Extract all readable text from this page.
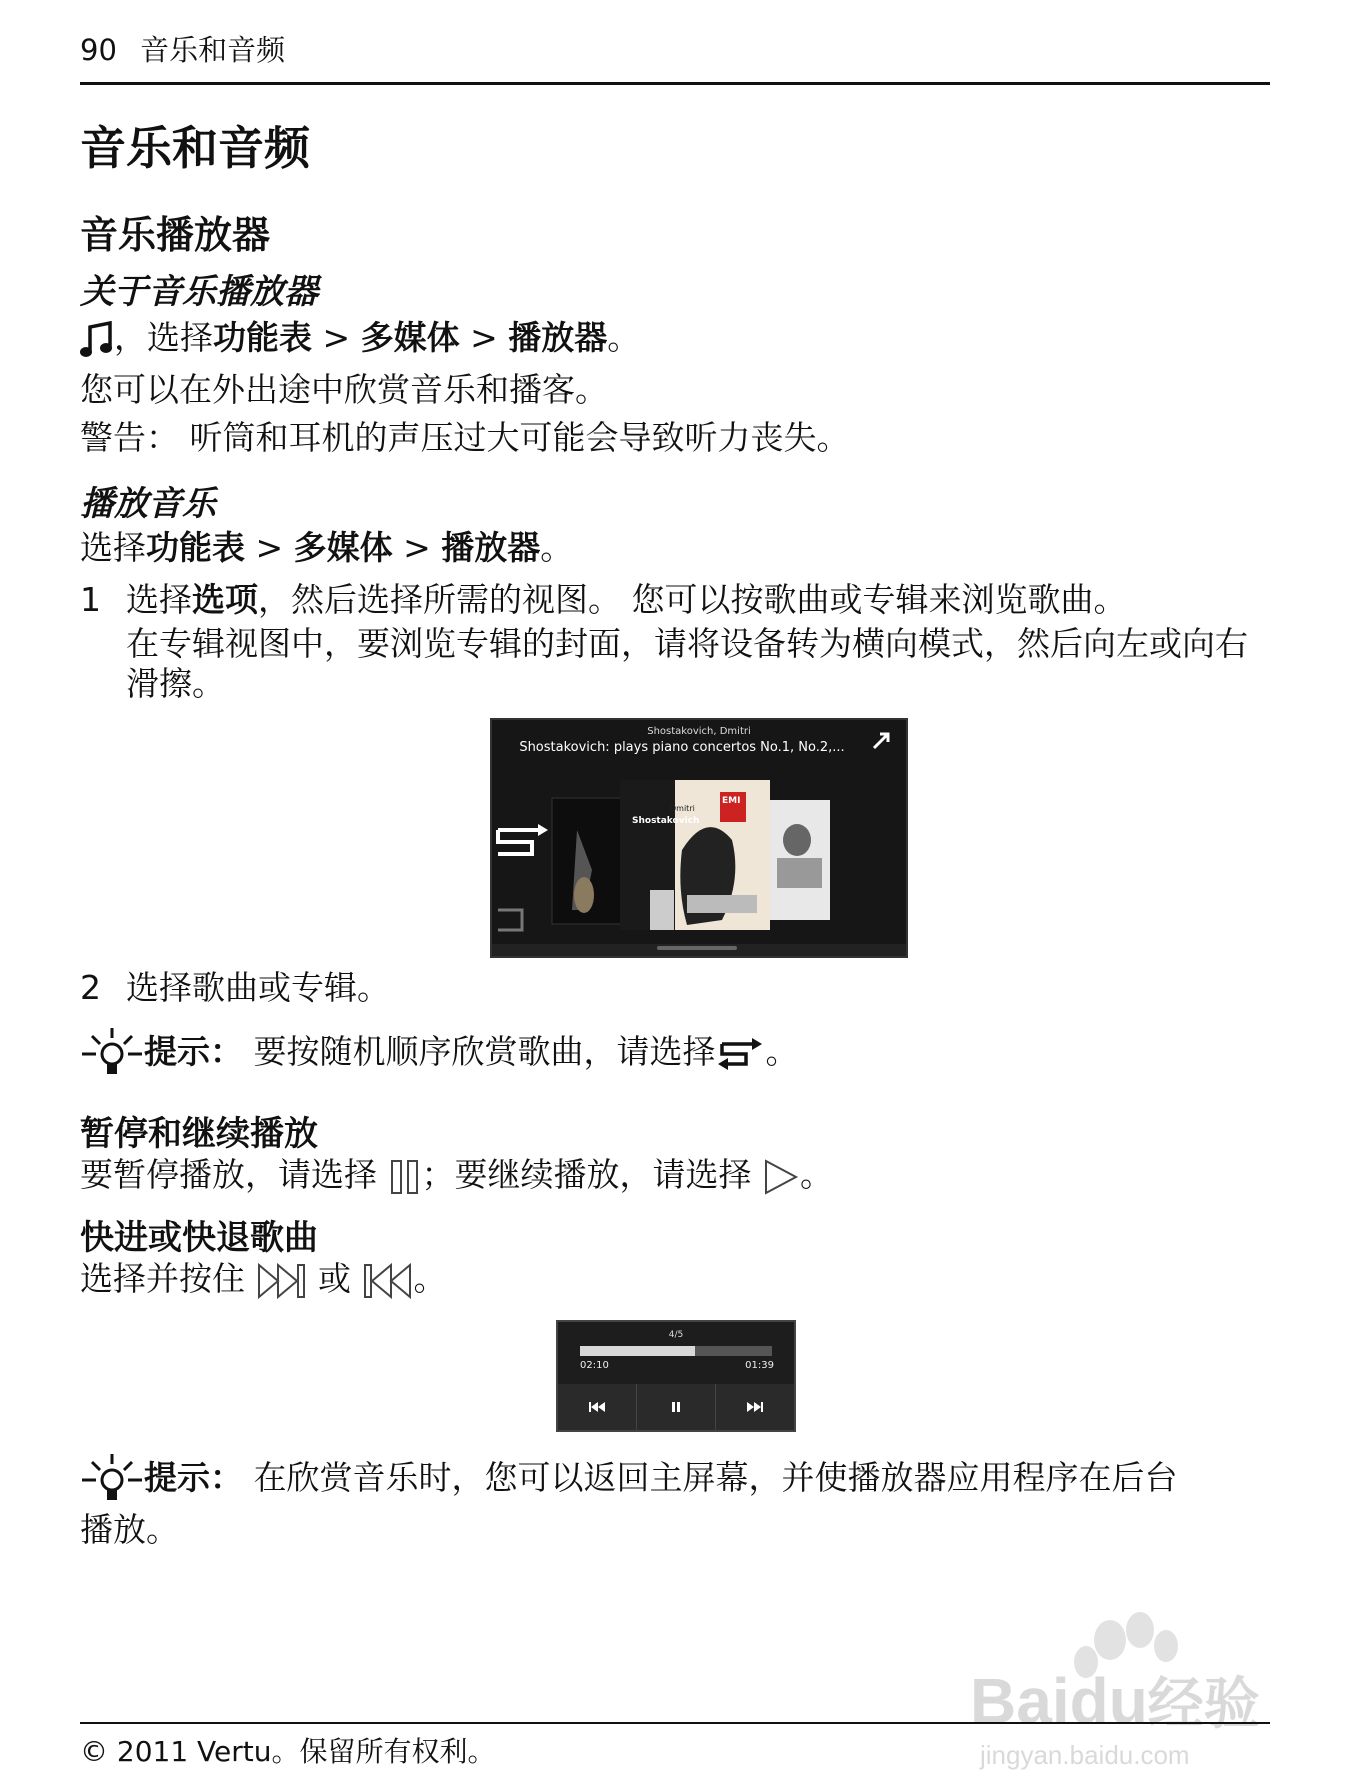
90 音乐和音频
音乐和音频
音乐播放器
关于音乐播放器
，选择功能表 > 多媒体 > 播放器。
您可以在外出途中欣赏音乐和播客。
警告： 听筒和耳机的声压过大可能会导致听力丧失。
播放音乐
选择功能表 > 多媒体 > 播放器。
1 选择选项，然后选择所需的视图。 您可以按歌曲或专辑来浏览歌曲。
在专辑视图中，要浏览专辑的封面，请将设备转为横向模式，然后向左或向右滑擦。
Shostakovich, Dmitri
Shostakovich: plays piano concertos No.1, No.2,...
EMI
Dmitri
Shostakovich
2 选择歌曲或专辑。
提示： 要按随机顺序欣赏歌曲，请选择 。
暂停和继续播放
要暂停播放，请选择 ；要继续播放，请选择 。
快进或快退歌曲
选择并按住  或 。
4/5
02:10	01:39
提示： 在欣赏音乐时，您可以返回主屏幕，并使播放器应用程序在后台
播放。
Baidu经验
jingyan.baidu.com
© 2011 Vertu。保留所有权利。
